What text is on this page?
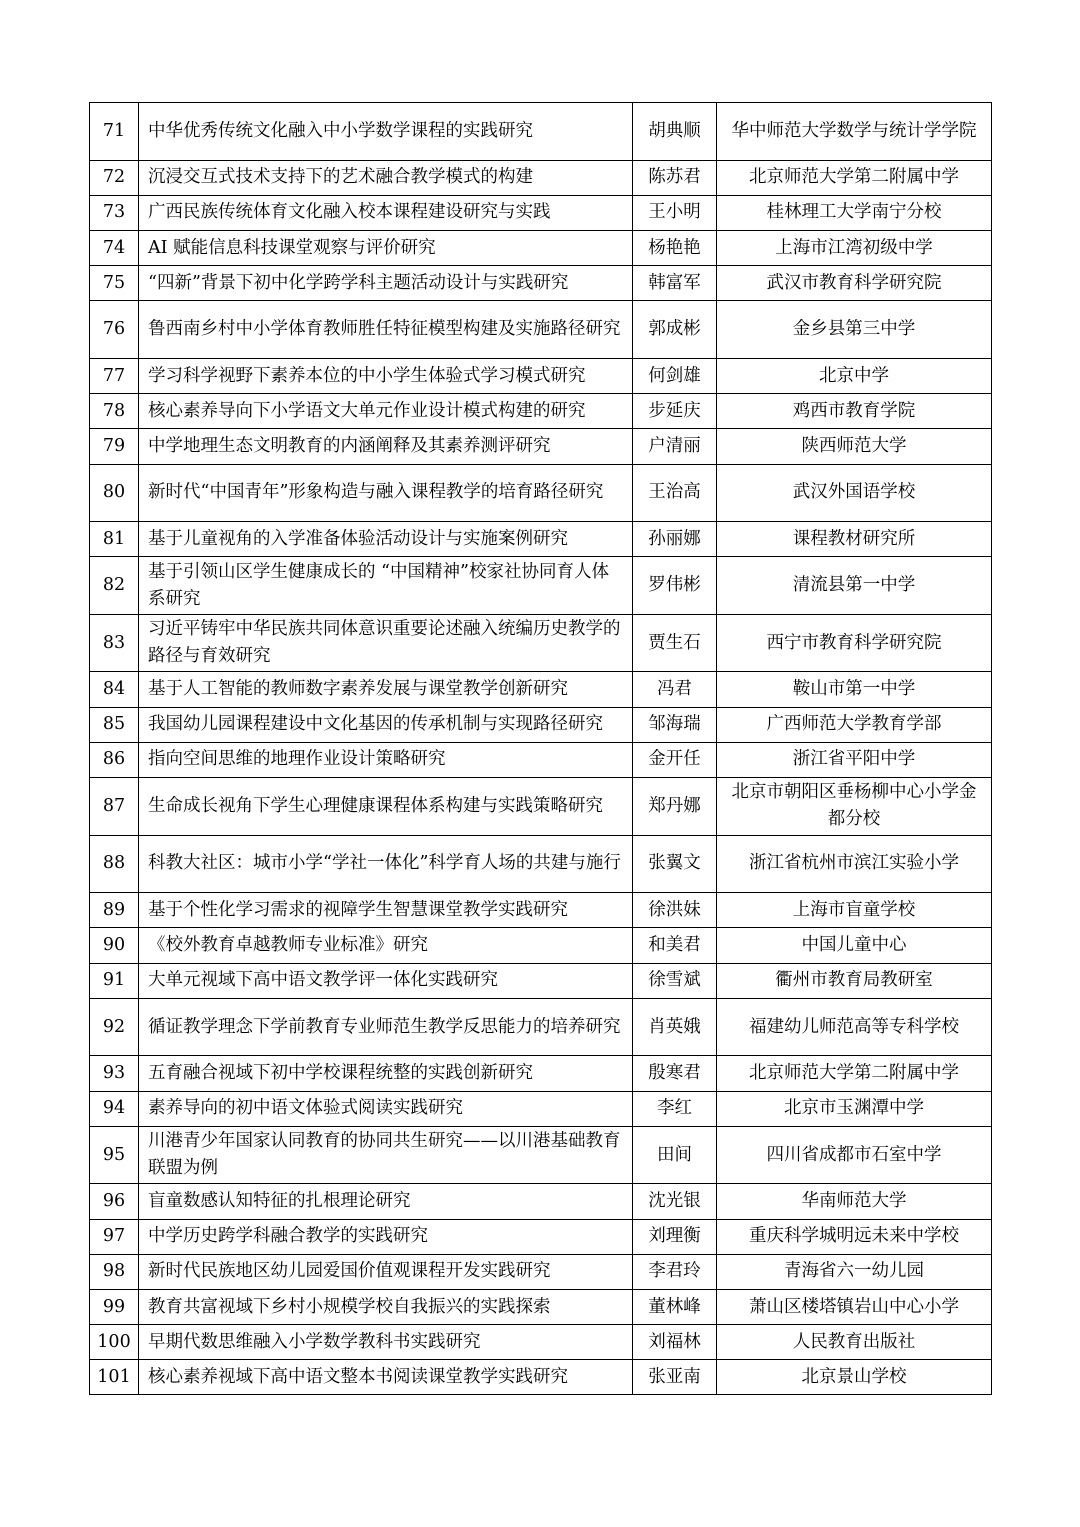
71	中华优秀传统文化融入中小学数学课程的实践研究	胡典顺	华中师范大学数学与统计学学院
72	沉浸交互式技术支持下的艺术融合教学模式的构建	陈苏君	北京师范大学第二附属中学
73	广西民族传统体育文化融入校本课程建设研究与实践	王小明	桂林理工大学南宁分校
74	AI 赋能信息科技课堂观察与评价研究	杨艳艳	上海市江湾初级中学
75	“四新”背景下初中化学跨学科主题活动设计与实践研究	韩富军	武汉市教育科学研究院
76	鲁西南乡村中小学体育教师胜任特征模型构建及实施路径研究	郭成彬	金乡县第三中学
77	学习科学视野下素养本位的中小学生体验式学习模式研究	何剑雄	北京中学
78	核心素养导向下小学语文大单元作业设计模式构建的研究	步延庆	鸡西市教育学院
79	中学地理生态文明教育的内涵阐释及其素养测评研究	户清丽	陕西师范大学
80	新时代“中国青年”形象构造与融入课程教学的培育路径研究	王治高	武汉外国语学校
81	基于儿童视角的入学准备体验活动设计与实施案例研究	孙丽娜	课程教材研究所
82	基于引领山区学生健康成长的 “中国精神”校家社协同育人体系研究	罗伟彬	清流县第一中学
83	习近平铸牢中华民族共同体意识重要论述融入统编历史教学的路径与育效研究	贾生石	西宁市教育科学研究院
84	基于人工智能的教师数字素养发展与课堂教学创新研究	冯君	鞍山市第一中学
85	我国幼儿园课程建设中文化基因的传承机制与实现路径研究	邹海瑞	广西师范大学教育学部
86	指向空间思维的地理作业设计策略研究	金开任	浙江省平阳中学
87	生命成长视角下学生心理健康课程体系构建与实践策略研究	郑丹娜	北京市朝阳区垂杨柳中心小学金都分校
88	科教大社区：城市小学“学社一体化”科学育人场的共建与施行	张翼文	浙江省杭州市滨江实验小学
89	基于个性化学习需求的视障学生智慧课堂教学实践研究	徐洪妹	上海市盲童学校
90	《校外教育卓越教师专业标准》研究	和美君	中国儿童中心
91	大单元视域下高中语文教学评一体化实践研究	徐雪斌	衢州市教育局教研室
92	循证教学理念下学前教育专业师范生教学反思能力的培养研究	肖英娥	福建幼儿师范高等专科学校
93	五育融合视域下初中学校课程统整的实践创新研究	殷寒君	北京师范大学第二附属中学
94	素养导向的初中语文体验式阅读实践研究	李红	北京市玉渊潭中学
95	川港青少年国家认同教育的协同共生研究——以川港基础教育联盟为例	田间	四川省成都市石室中学
96	盲童数感认知特征的扎根理论研究	沈光银	华南师范大学
97	中学历史跨学科融合教学的实践研究	刘理衡	重庆科学城明远未来中学校
98	新时代民族地区幼儿园爱国价值观课程开发实践研究	李君玲	青海省六一幼儿园
99	教育共富视域下乡村小规模学校自我振兴的实践探索	董林峰	萧山区楼塔镇岩山中心小学
100	早期代数思维融入小学数学教科书实践研究	刘福林	人民教育出版社
101	核心素养视域下高中语文整本书阅读课堂教学实践研究	张亚南	北京景山学校
